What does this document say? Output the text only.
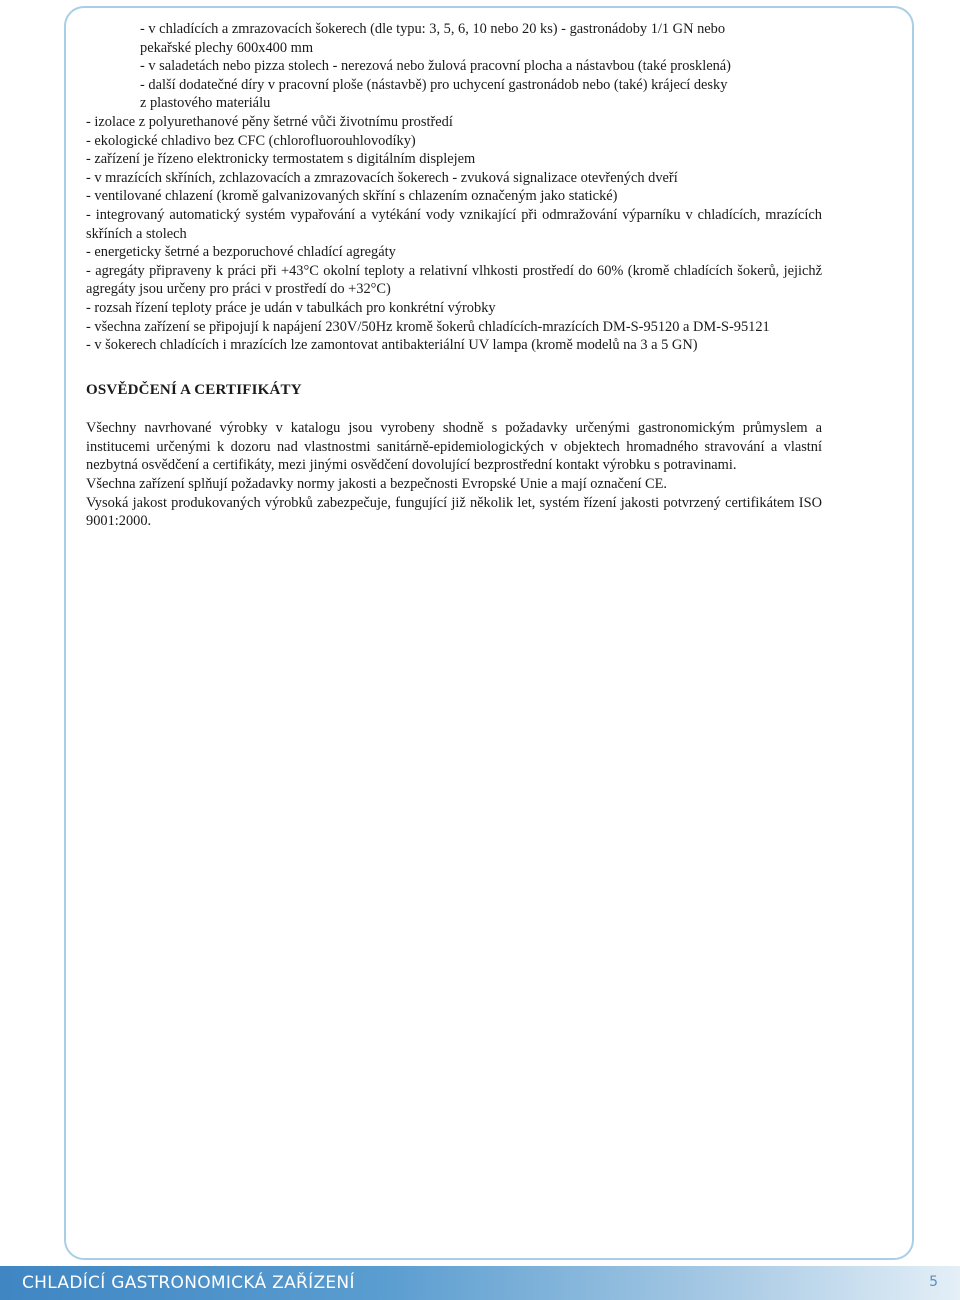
- v chladících a zmrazovacích šokerech (dle typu: 3, 5, 6, 10 nebo 20 ks) - gastronádoby 1/1 GN nebo

pekařské plechy 600x400 mm

- v saladetách nebo pizza stolech - nerezová nebo žulová pracovní plocha a nástavbou (také prosklená)

- další dodatečné díry v pracovní ploše (nástavbě) pro uchycení gastronádob nebo (také) krájecí desky

z plastového materiálu

- izolace z polyurethanové pěny šetrné vůči životnímu prostředí

- ekologické chladivo bez CFC (chlorofluorouhlovodíky)

- zařízení je řízeno elektronicky termostatem s digitálním displejem

- v mrazících skříních, zchlazovacích a zmrazovacích šokerech - zvuková signalizace otevřených dveří

- ventilované chlazení (kromě galvanizovaných skříní s chlazením označeným jako statické)

- integrovaný automatický systém vypařování a vytékání vody vznikající při odmražování výparníku v chladících, mrazících skříních a stolech

- energeticky šetrné a bezporuchové chladící agregáty

- agregáty připraveny k práci při +43°C okolní teploty a relativní vlhkosti prostředí do 60% (kromě chladících šokerů, jejichž agregáty jsou určeny pro práci v prostředí do +32°C)

- rozsah řízení teploty práce je udán v tabulkách pro konkrétní výrobky

- všechna zařízení se připojují k napájení 230V/50Hz kromě šokerů chladících-mrazících DM-S-95120 a DM-S-95121

- v šokerech chladících i mrazících lze zamontovat antibakteriální UV lampa (kromě modelů na 3 a 5 GN)

OSVĚDČENÍ A CERTIFIKÁTY

Všechny navrhované výrobky v katalogu jsou vyrobeny shodně s požadavky určenými gastronomickým průmyslem a institucemi určenými k dozoru nad vlastnostmi sanitárně-epidemiologických v objektech hromadného stravování a vlastní nezbytná osvědčení a certifikáty, mezi jinými osvědčení dovolující bezprostřední kontakt výrobku s potravinami.

Všechna zařízení splňují požadavky normy jakosti a bezpečnosti Evropské Unie a mají označení CE.

Vysoká jakost produkovaných výrobků zabezpečuje, fungující již několik let, systém řízení jakosti potvrzený certifikátem ISO 9001:2000.

CHLADÍCÍ GASTRONOMICKÁ ZAŘÍZENÍ	5
